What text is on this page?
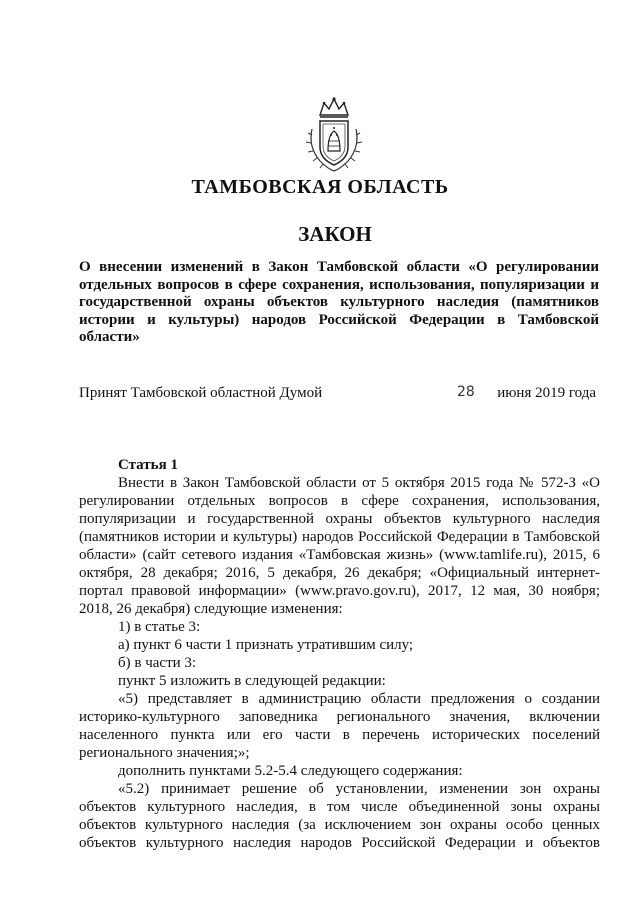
ТАМБОВСКАЯ ОБЛАСТЬ
ЗАКОН
О внесении изменений в Закон Тамбовской области «О регулировании отдельных вопросов в сфере сохранения, использования, популяризации и государственной охраны объектов культурного наследия (памятников истории и культуры) народов Российской Федерации в Тамбовской области»
Принят Тамбовской областной Думой	28 июня 2019 года
Статья 1

Внести в Закон Тамбовской области от 5 октября 2015 года № 572-З «О регулировании отдельных вопросов в сфере сохранения, использования, популяризации и государственной охраны объектов культурного наследия (памятников истории и культуры) народов Российской Федерации в Тамбовской области» (сайт сетевого издания «Тамбовская жизнь» (www.tamlife.ru), 2015, 6 октября, 28 декабря; 2016, 5 декабря, 26 декабря; «Официальный интернет-портал правовой информации» (www.pravo.gov.ru), 2017, 12 мая, 30 ноября; 2018, 26 декабря) следующие изменения:

1) в статье 3:

а) пункт 6 части 1 признать утратившим силу;

б) в части 3:

пункт 5 изложить в следующей редакции:

«5) представляет в администрацию области предложения о создании историко-культурного заповедника регионального значения, включении населенного пункта или его части в перечень исторических поселений регионального значения;»;

дополнить пунктами 5.2-5.4 следующего содержания:

«5.2) принимает решение об установлении, изменении зон охраны объектов культурного наследия, в том числе объединенной зоны охраны объектов культурного наследия (за исключением зон охраны особо ценных объектов культурного наследия народов Российской Федерации и объектов
